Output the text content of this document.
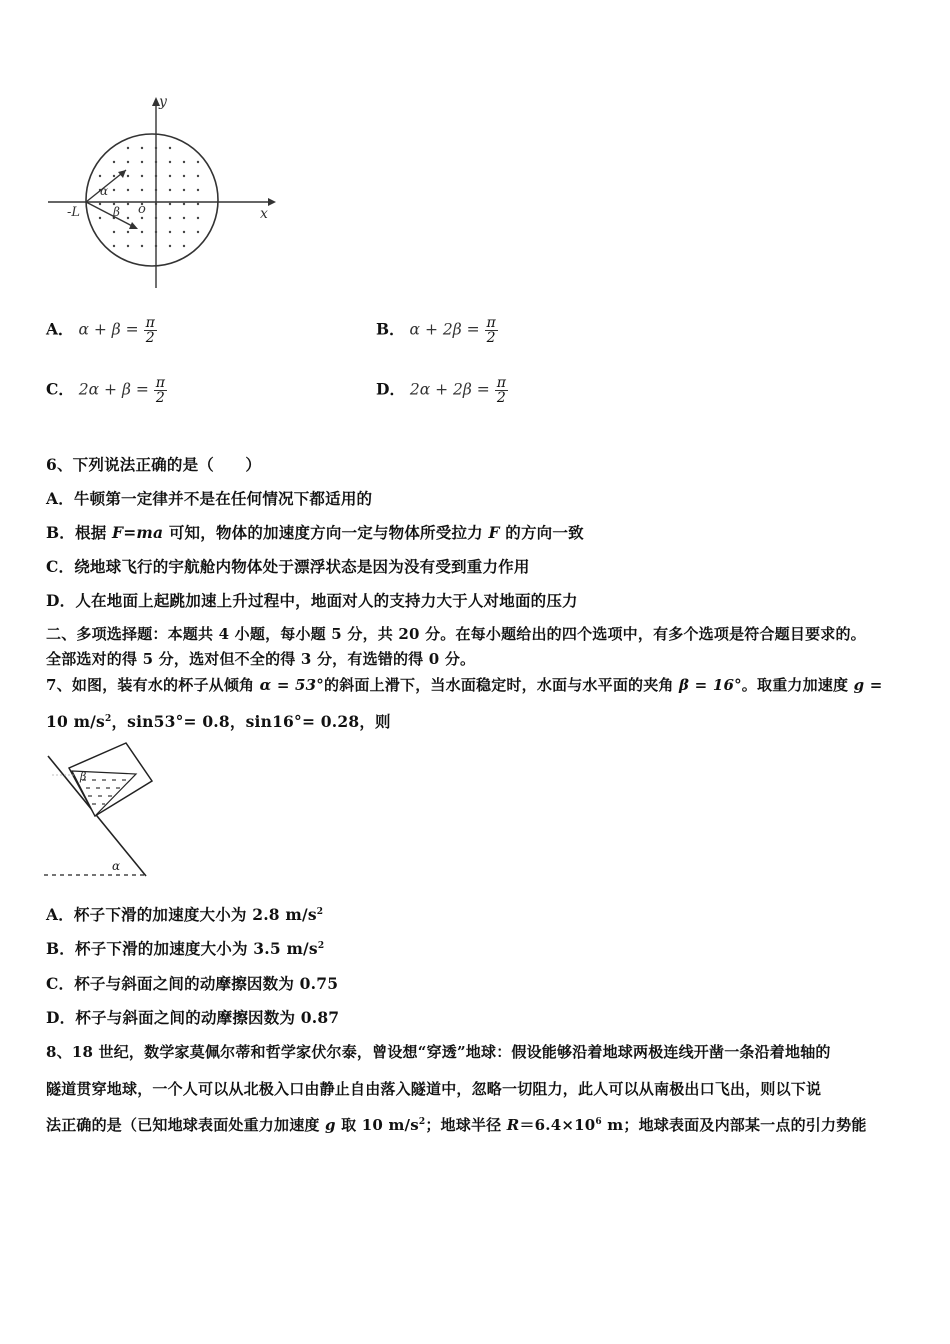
y
x
-L	o
α
β
A． $\alpha + \beta = \frac{\pi}{2}$	B． $\alpha + 2\beta = \frac{\pi}{2}$
C． $2\alpha + \beta = \frac{\pi}{2}$	D． $2\alpha + 2\beta = \frac{\pi}{2}$
6、下列说法正确的是（　　）
A．牛顿第一定律并不是在任何情况下都适用的
B．根据 F=ma 可知，物体的加速度方向一定与物体所受拉力 F 的方向一致
C．绕地球飞行的宇航舱内物体处于漂浮状态是因为没有受到重力作用
D．人在地面上起跳加速上升过程中，地面对人的支持力大于人对地面的压力
二、多项选择题：本题共 4 小题，每小题 5 分，共 20 分。在每小题给出的四个选项中，有多个选项是符合题目要求的。
全部选对的得 5 分，选对但不全的得 3 分，有选错的得 0 分。
7、如图，装有水的杯子从倾角 α = 53°的斜面上滑下，当水面稳定时，水面与水平面的夹角 β = 16°。取重力加速度 g =
10 $m/s^2$，sin53°= 0.8，sin16°= 0.28，则
β
α
A．杯子下滑的加速度大小为 2.8 $m/s^2$
B．杯子下滑的加速度大小为 3.5 $m/s^2$
C．杯子与斜面之间的动摩擦因数为 0.75
D．杯子与斜面之间的动摩擦因数为 0.87
8、18 世纪，数学家莫佩尔蒂和哲学家伏尔泰，曾设想“穿透”地球：假设能够沿着地球两极连线开凿一条沿着地轴的
隧道贯穿地球，一个人可以从北极入口由静止自由落入隧道中，忽略一切阻力，此人可以从南极出口飞出，则以下说
法正确的是（已知地球表面处重力加速度 g 取 10 $m/s^2$；地球半径 $R=6.4\times 10^6$ m；地球表面及内部某一点的引力势能
